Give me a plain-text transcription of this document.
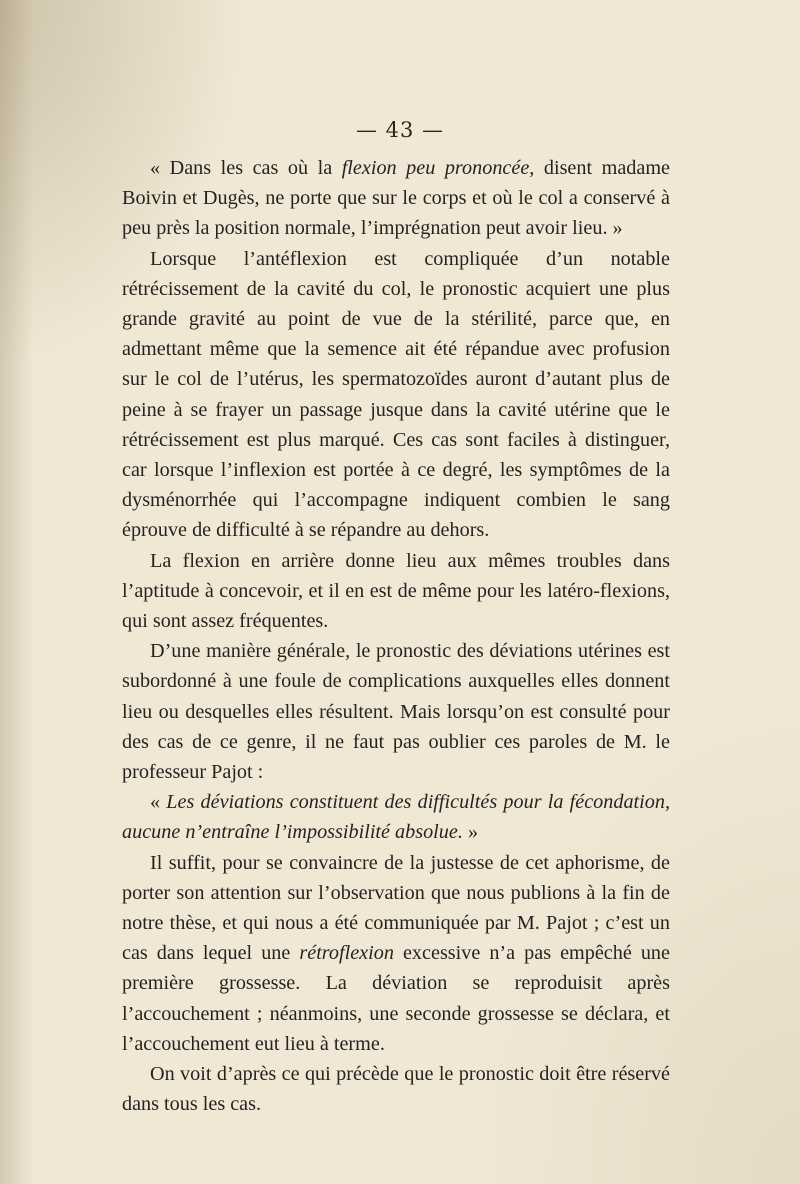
— 43 —

« Dans les cas où la flexion peu prononcée, disent madame Boivin et Dugès, ne porte que sur le corps et où le col a conservé à peu près la position normale, l’imprégnation peut avoir lieu. »

Lorsque l’antéflexion est compliquée d’un notable rétrécissement de la cavité du col, le pronostic acquiert une plus grande gravité au point de vue de la stérilité, parce que, en admettant même que la semence ait été répandue avec profusion sur le col de l’utérus, les spermatozoïdes auront d’autant plus de peine à se frayer un passage jusque dans la cavité utérine que le rétrécissement est plus marqué. Ces cas sont faciles à distinguer, car lorsque l’inflexion est portée à ce degré, les symptômes de la dysménorrhée qui l’accompagne indiquent combien le sang éprouve de difficulté à se répandre au dehors.

La flexion en arrière donne lieu aux mêmes troubles dans l’aptitude à concevoir, et il en est de même pour les latéro-flexions, qui sont assez fréquentes.

D’une manière générale, le pronostic des déviations utérines est subordonné à une foule de complications auxquelles elles donnent lieu ou desquelles elles résultent. Mais lorsqu’on est consulté pour des cas de ce genre, il ne faut pas oublier ces paroles de M. le professeur Pajot :

« Les déviations constituent des difficultés pour la fécondation, aucune n’entraîne l’impossibilité absolue. »

Il suffit, pour se convaincre de la justesse de cet aphorisme, de porter son attention sur l’observation que nous publions à la fin de notre thèse, et qui nous a été communiquée par M. Pajot ; c’est un cas dans lequel une rétroflexion excessive n’a pas empêché une première grossesse. La déviation se reproduisit après l’accouchement ; néanmoins, une seconde grossesse se déclara, et l’accouchement eut lieu à terme.

On voit d’après ce qui précède que le pronostic doit être réservé dans tous les cas.
